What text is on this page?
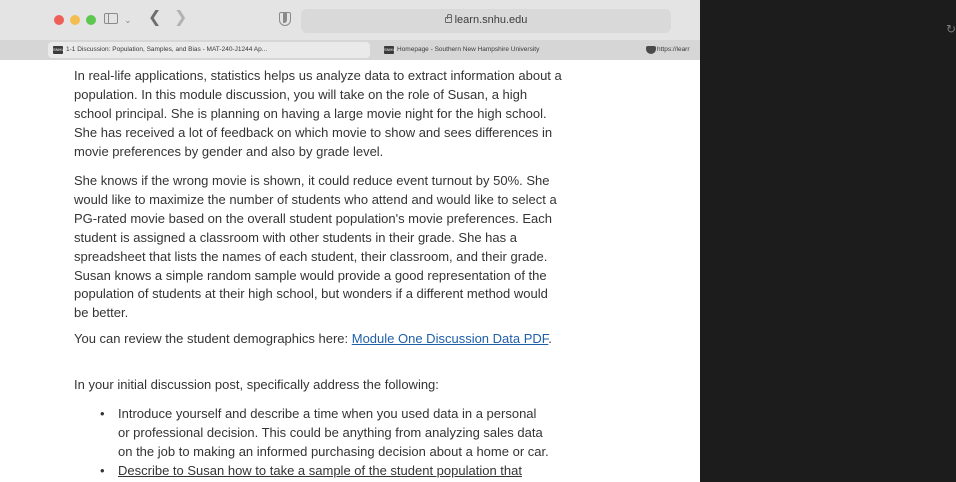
⌄ ❮ ❯	learn.snhu.edu
↻
SNHU 1-1 Discussion: Population, Samples, and Bias - MAT-240-J1244 Ap...	SNHU Homepage - Southern New Hampshire University	https://learr

In real-life applications, statistics helps us analyze data to extract information about a population. In this module discussion, you will take on the role of Susan, a high school principal. She is planning on having a large movie night for the high school. She has received a lot of feedback on which movie to show and sees differences in movie preferences by gender and also by grade level.

She knows if the wrong movie is shown, it could reduce event turnout by 50%. She would like to maximize the number of students who attend and would like to select a PG-rated movie based on the overall student population's movie preferences. Each student is assigned a classroom with other students in their grade. She has a spreadsheet that lists the names of each student, their classroom, and their grade. Susan knows a simple random sample would provide a good representation of the population of students at their high school, but wonders if a different method would be better.

You can review the student demographics here: Module One Discussion Data PDF.

In your initial discussion post, specifically address the following:

•	Introduce yourself and describe a time when you used data in a personal or professional decision. This could be anything from analyzing sales data on the job to making an informed purchasing decision about a home or car.
•	Describe to Susan how to take a sample of the student population that
